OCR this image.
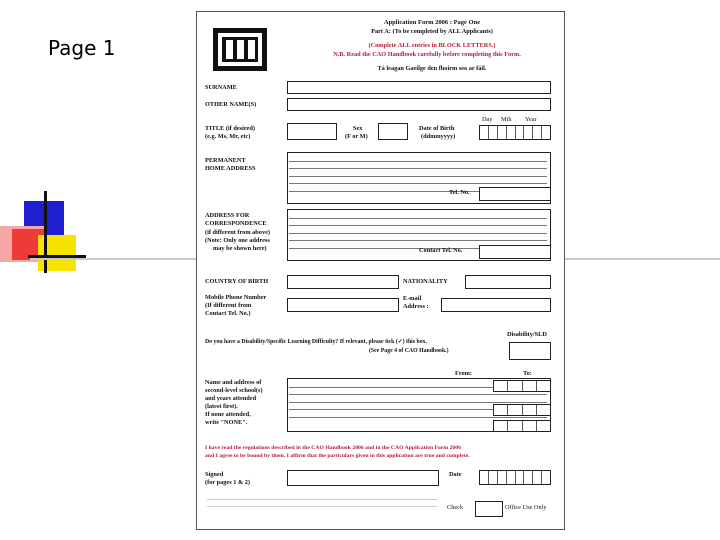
Page 1
Application Form 2006 : Page One
Part A: (To be completed by ALL Applicants)
(Complete ALL entries in BLOCK LETTERS.)
N.B. Read the CAO Handbook carefully before completing this Form.
Tá leagan Gaeilge den fhoirm seo ar fáil.
SURNAME
OTHER NAME(S)
Day Mth Year
TITLE (if desired)
(e.g. Ms, Mr, etc)
Sex
(F or M)
Date of Birth
(ddmmyyyy)
PERMANENT
HOME ADDRESS
Tel. No.
ADDRESS FOR
CORRESPONDENCE
(if different from above)
(Note: Only one address
may be shown here)	Contact Tel. No.
COUNTRY OF BIRTH	NATIONALITY
Mobile Phone Number
(If different from
Contact Tel. No.)
E-mail
Address :
Disability/SLD
Do you have a Disability/Specific Learning Difficulty? If relevant, please tick (✓) this box.
(See Page 4 of CAO Handbook.)
From:	To:
Name and address of
second-level school(s)
and years attended
(latest first).
If none attended,
write "NONE".
I have read the regulations described in the CAO Handbook 2006 and in the CAO Application Form 2006
and I agree to be bound by them. I affirm that the particulars given in this application are true and complete.
Signed
(for pages 1 & 2)
Date
Check	Office Use Only
